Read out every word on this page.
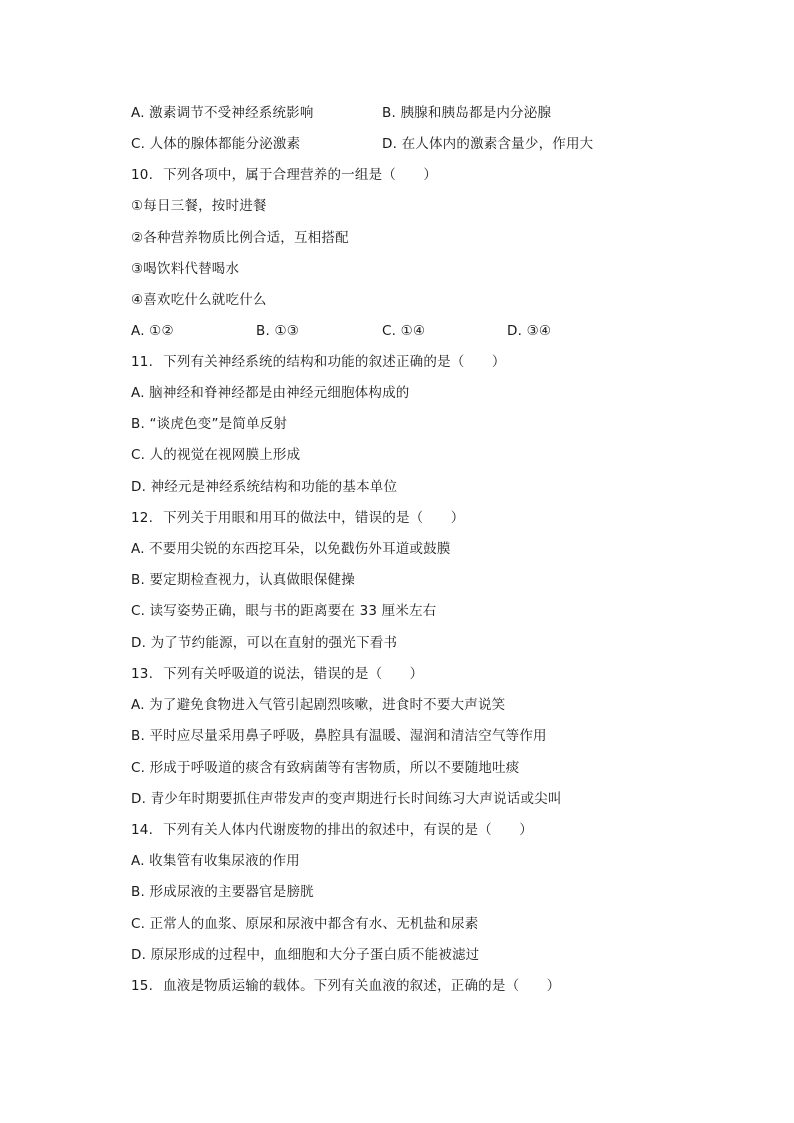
A. 激素调节不受神经系统影响	B. 胰腺和胰岛都是内分泌腺
C. 人体的腺体都能分泌激素	D. 在人体内的激素含量少，作用大
10. 下列各项中，属于合理营养的一组是（　　）
①每日三餐，按时进餐
②各种营养物质比例合适，互相搭配
③喝饮料代替喝水
④喜欢吃什么就吃什么
A. ①②	B. ①③	C. ①④	D. ③④
11. 下列有关神经系统的结构和功能的叙述正确的是（　　）
A. 脑神经和脊神经都是由神经元细胞体构成的
B. “谈虎色变”是简单反射
C. 人的视觉在视网膜上形成
D. 神经元是神经系统结构和功能的基本单位
12. 下列关于用眼和用耳的做法中，错误的是（　　）
A. 不要用尖锐的东西挖耳朵，以免戳伤外耳道或鼓膜
B. 要定期检查视力，认真做眼保健操
C. 读写姿势正确，眼与书的距离要在 33 厘米左右
D. 为了节约能源，可以在直射的强光下看书
13. 下列有关呼吸道的说法，错误的是（　　）
A. 为了避免食物进入气管引起剧烈咳嗽，进食时不要大声说笑
B. 平时应尽量采用鼻子呼吸，鼻腔具有温暖、湿润和清洁空气等作用
C. 形成于呼吸道的痰含有致病菌等有害物质，所以不要随地吐痰
D. 青少年时期要抓住声带发声的变声期进行长时间练习大声说话或尖叫
14. 下列有关人体内代谢废物的排出的叙述中，有误的是（　　）
A. 收集管有收集尿液的作用
B. 形成尿液的主要器官是膀胱
C. 正常人的血浆、原尿和尿液中都含有水、无机盐和尿素
D. 原尿形成的过程中，血细胞和大分子蛋白质不能被滤过
15. 血液是物质运输的载体。下列有关血液的叙述，正确的是（　　）
